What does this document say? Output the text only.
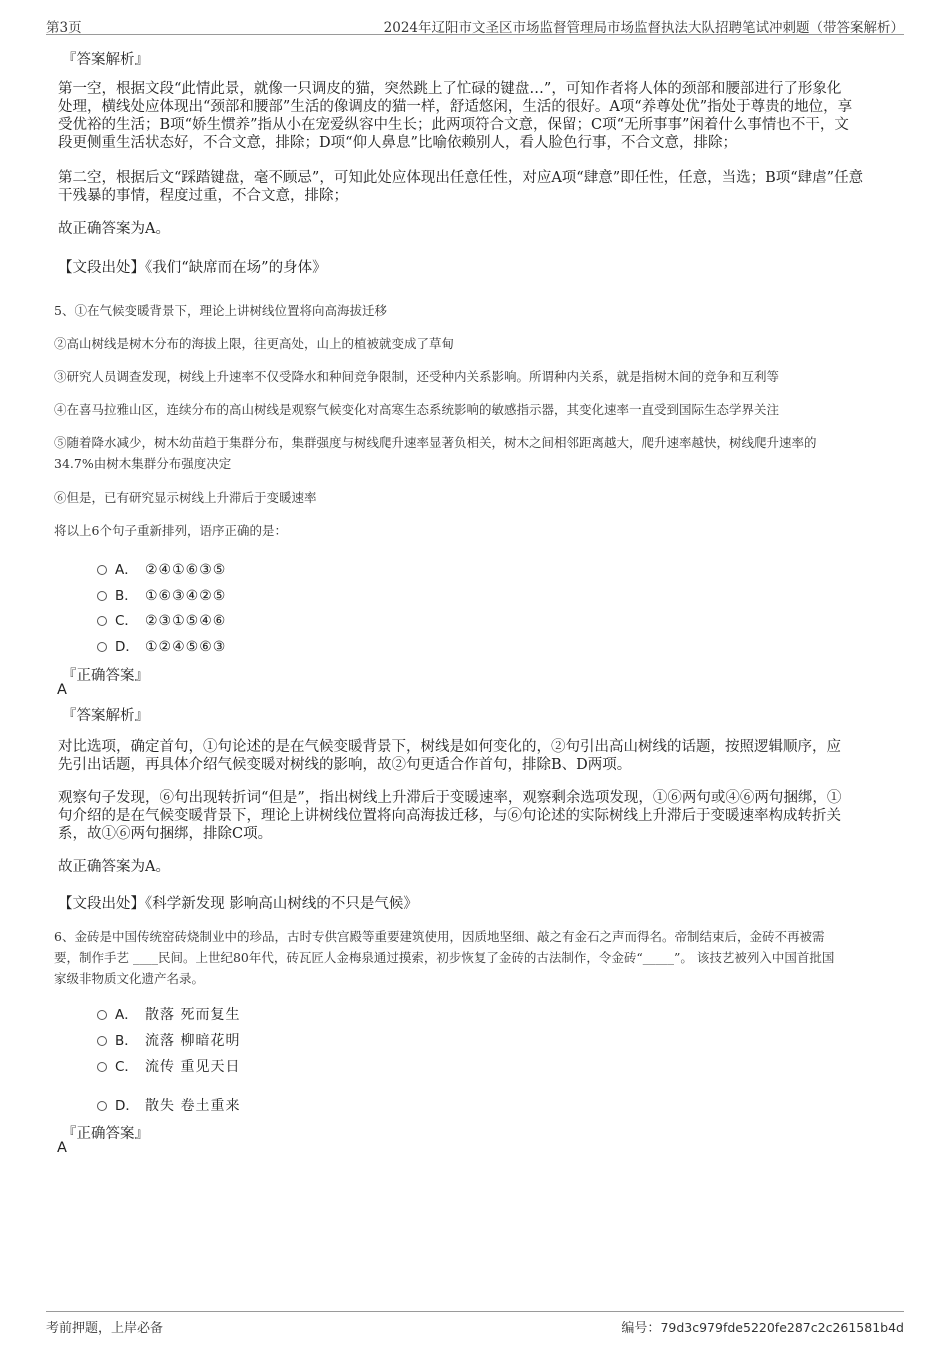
第3页	2024年辽阳市文圣区市场监督管理局市场监督执法大队招聘笔试冲刺题（带答案解析）
『答案解析』
第一空，根据文段“此情此景，就像一只调皮的猫，突然跳上了忙碌的键盘…”，可知作者将人体的颈部和腰部进行了形象化
处理，横线处应体现出“颈部和腰部”生活的像调皮的猫一样，舒适悠闲，生活的很好。A项“养尊处优”指处于尊贵的地位，享
受优裕的生活；B项“娇生惯养”指从小在宠爱纵容中生长；此两项符合文意，保留；C项“无所事事”闲着什么事情也不干，文
段更侧重生活状态好，不合文意，排除；D项“仰人鼻息”比喻依赖别人，看人脸色行事，不合文意，排除；
第二空，根据后文“踩踏键盘，毫不顾忌”，可知此处应体现出任意任性，对应A项“肆意”即任性，任意，当选；B项“肆虐”任意
干残暴的事情，程度过重，不合文意，排除；
故正确答案为A。
【文段出处】《我们“缺席而在场”的身体》
5、①在气候变暖背景下，理论上讲树线位置将向高海拔迁移
②高山树线是树木分布的海拔上限，往更高处，山上的植被就变成了草甸
③研究人员调查发现，树线上升速率不仅受降水和种间竞争限制，还受种内关系影响。所谓种内关系，就是指树木间的竞争和互利等
④在喜马拉雅山区，连续分布的高山树线是观察气候变化对高寒生态系统影响的敏感指示器，其变化速率一直受到国际生态学界关注
⑤随着降水减少，树木幼苗趋于集群分布，集群强度与树线爬升速率显著负相关，树木之间相邻距离越大，爬升速率越快，树线爬升速率的
34.7%由树木集群分布强度决定
⑥但是，已有研究显示树线上升滞后于变暖速率
将以上6个句子重新排列，语序正确的是：
A． ②④①⑥③⑤
B． ①⑥③④②⑤
C． ②③①⑤④⑥
D． ①②④⑤⑥③
『正确答案』
A
『答案解析』
对比选项，确定首句，①句论述的是在气候变暖背景下，树线是如何变化的，②句引出高山树线的话题，按照逻辑顺序，应
先引出话题，再具体介绍气候变暖对树线的影响，故②句更适合作首句，排除B、D两项。
观察句子发现，⑥句出现转折词“但是”，指出树线上升滞后于变暖速率，观察剩余选项发现，①⑥两句或④⑥两句捆绑，①
句介绍的是在气候变暖背景下，理论上讲树线位置将向高海拔迁移，与⑥句论述的实际树线上升滞后于变暖速率构成转折关
系，故①⑥两句捆绑，排除C项。
故正确答案为A。
【文段出处】《科学新发现 影响高山树线的不只是气候》
6、金砖是中国传统窑砖烧制业中的珍品，古时专供宫殿等重要建筑使用，因质地坚细、敲之有金石之声而得名。帝制结束后，金砖不再被需
要，制作手艺 ____民间。上世纪80年代，砖瓦匠人金梅泉通过摸索，初步恢复了金砖的古法制作，令金砖“_____”。 该技艺被列入中国首批国
家级非物质文化遗产名录。
A． 散落 死而复生
B． 流落 柳暗花明
C． 流传 重见天日
D． 散失 卷土重来
『正确答案』
A
考前押题，上岸必备	编号：79d3c979fde5220fe287c2c261581b4d
